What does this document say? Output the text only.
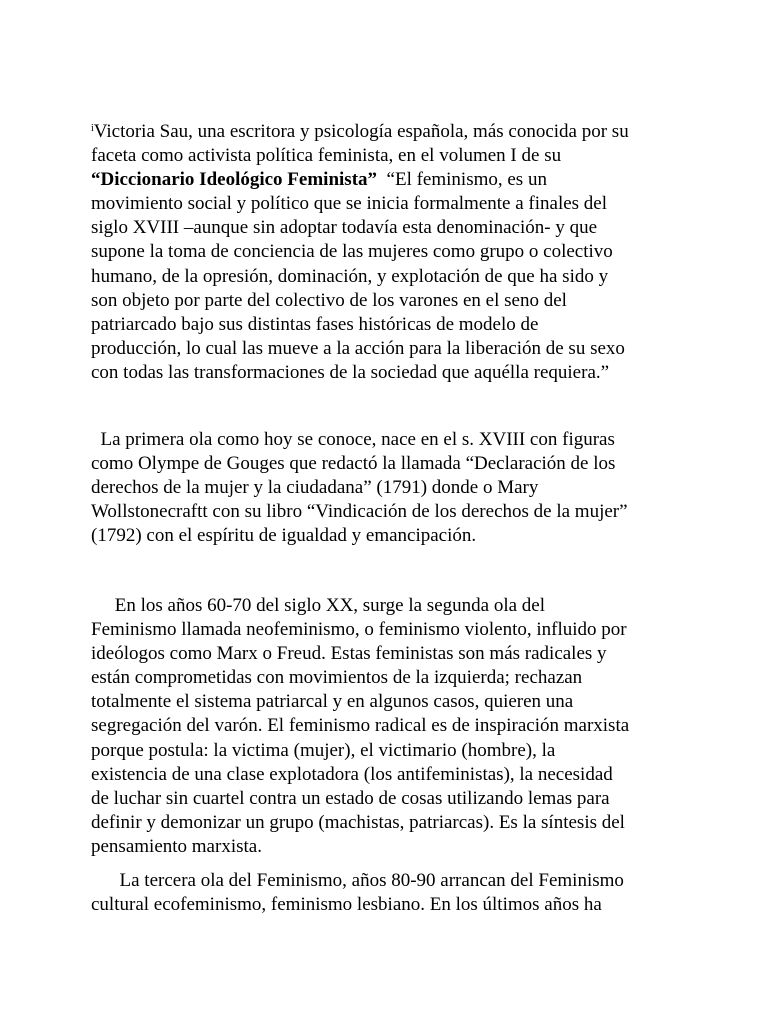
$^i$Victoria Sau, una escritora y psicología española, más conocida por su
faceta como activista política feminista, en el volumen I de su
“Diccionario Ideológico Feminista”  “El feminismo, es un
movimiento social y político que se inicia formalmente a finales del
siglo XVIII –aunque sin adoptar todavía esta denominación- y que
supone la toma de conciencia de las mujeres como grupo o colectivo
humano, de la opresión, dominación, y explotación de que ha sido y
son objeto por parte del colectivo de los varones en el seno del
patriarcado bajo sus distintas fases históricas de modelo de
producción, lo cual las mueve a la acción para la liberación de su sexo
con todas las transformaciones de la sociedad que aquélla requiera.”

La primera ola como hoy se conoce, nace en el s. XVIII con figuras
como Olympe de Gouges que redactó la llamada “Declaración de los
derechos de la mujer y la ciudadana” (1791) donde o Mary
Wollstonecraftt con su libro “Vindicación de los derechos de la mujer”
(1792) con el espíritu de igualdad y emancipación.

En los años 60-70 del siglo XX, surge la segunda ola del
Feminismo llamada neofeminismo, o feminismo violento, influido por
ideólogos como Marx o Freud. Estas feministas son más radicales y
están comprometidas con movimientos de la izquierda; rechazan
totalmente el sistema patriarcal y en algunos casos, quieren una
segregación del varón. El feminismo radical es de inspiración marxista
porque postula: la victima (mujer), el victimario (hombre), la
existencia de una clase explotadora (los antifeministas), la necesidad
de luchar sin cuartel contra un estado de cosas utilizando lemas para
definir y demonizar un grupo (machistas, patriarcas). Es la síntesis del
pensamiento marxista.

La tercera ola del Feminismo, años 80-90 arrancan del Feminismo
cultural ecofeminismo, feminismo lesbiano. En los últimos años ha
